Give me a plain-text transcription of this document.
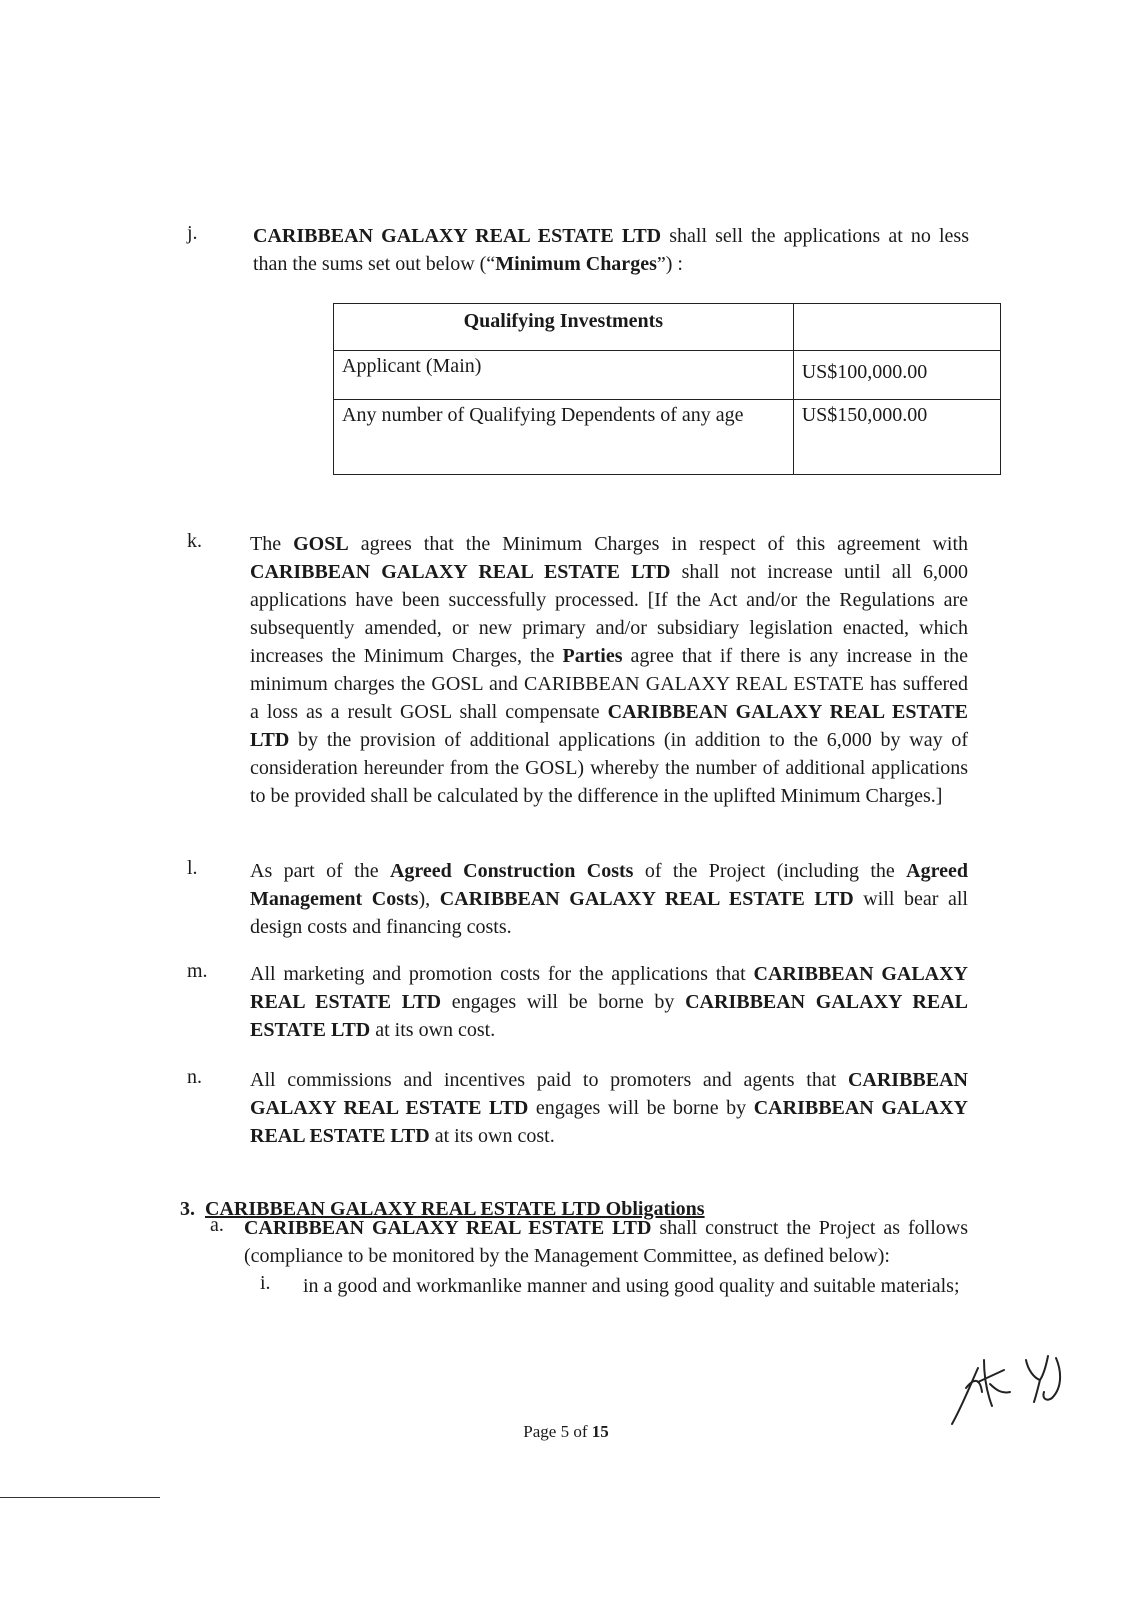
j.	CARIBBEAN GALAXY REAL ESTATE LTD shall sell the applications at no less than the sums set out below (“Minimum Charges”) :
Qualifying Investments	
Applicant (Main)	US$100,000.00
Any number of Qualifying Dependents of any age	US$150,000.00
k. The GOSL agrees that the Minimum Charges in respect of this agreement with CARIBBEAN GALAXY REAL ESTATE LTD shall not increase until all 6,000 applications have been successfully processed. [If the Act and/or the Regulations are subsequently amended, or new primary and/or subsidiary legislation enacted, which increases the Minimum Charges, the Parties agree that if there is any increase in the minimum charges the GOSL and CARIBBEAN GALAXY REAL ESTATE has suffered a loss as a result GOSL shall compensate CARIBBEAN GALAXY REAL ESTATE LTD by the provision of additional applications (in addition to the 6,000 by way of consideration hereunder from the GOSL) whereby the number of additional applications to be provided shall be calculated by the difference in the uplifted Minimum Charges.]
l.	As part of the Agreed Construction Costs of the Project (including the Agreed Management Costs), CARIBBEAN GALAXY REAL ESTATE LTD will bear all design costs and financing costs.
m. All marketing and promotion costs for the applications that CARIBBEAN GALAXY REAL ESTATE LTD engages will be borne by CARIBBEAN GALAXY REAL ESTATE LTD at its own cost.
n. All commissions and incentives paid to promoters and agents that CARIBBEAN GALAXY REAL ESTATE LTD engages will be borne by CARIBBEAN GALAXY REAL ESTATE LTD at its own cost.
3. CARIBBEAN GALAXY REAL ESTATE LTD Obligations
a. CARIBBEAN GALAXY REAL ESTATE LTD shall construct the Project as follows (compliance to be monitored by the Management Committee, as defined below):
i. in a good and workmanlike manner and using good quality and suitable materials;
Page 5 of 15
